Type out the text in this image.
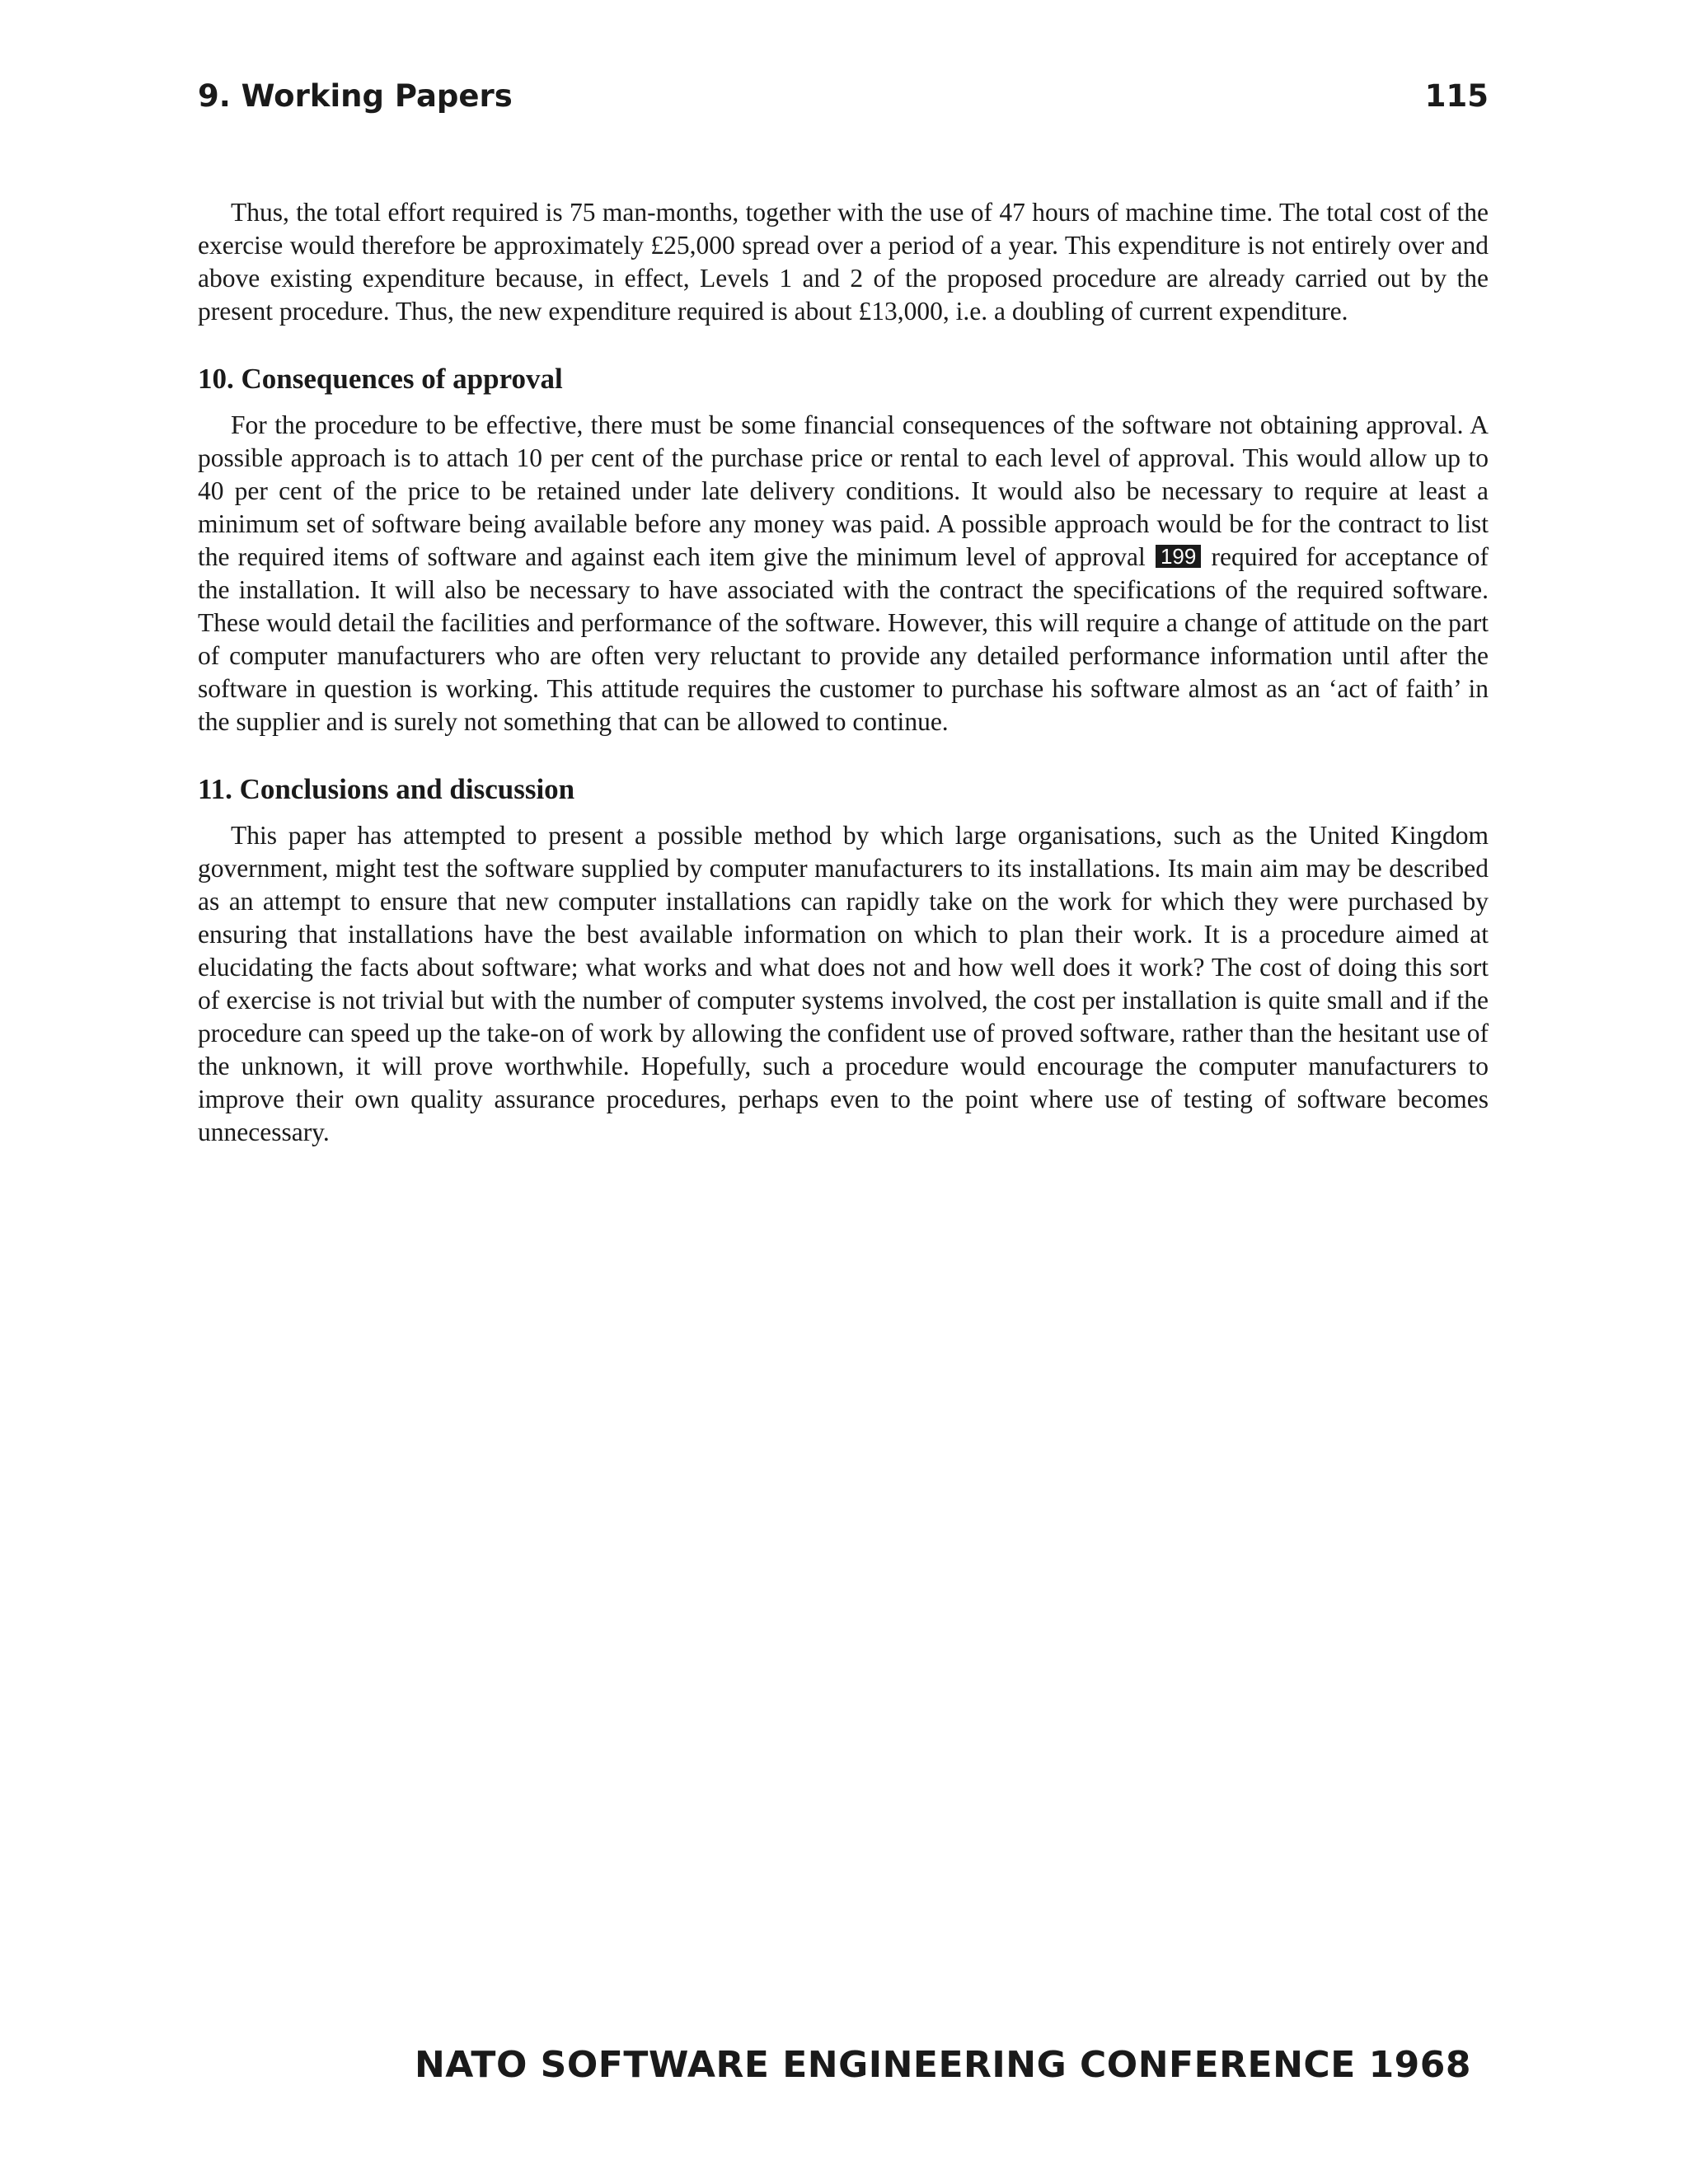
9. Working Papers	115

Thus, the total effort required is 75 man-months, together with the use of 47 hours of machine time. The total cost of the exercise would therefore be approximately £25,000 spread over a period of a year. This expenditure is not entirely over and above existing expenditure because, in effect, Levels 1 and 2 of the proposed procedure are already carried out by the present procedure. Thus, the new expenditure required is about £13,000, i.e. a doubling of current expenditure.

10. Consequences of approval

For the procedure to be effective, there must be some financial consequences of the software not obtaining approval. A possible approach is to attach 10 per cent of the purchase price or rental to each level of approval. This would allow up to 40 per cent of the price to be retained under late delivery conditions. It would also be necessary to require at least a minimum set of software being available before any money was paid. A possible approach would be for the contract to list the required items of software and against each item give the minimum level of approval 199 required for acceptance of the installation. It will also be necessary to have associated with the contract the specifications of the required software. These would detail the facilities and performance of the software. However, this will require a change of attitude on the part of computer manufacturers who are often very reluctant to provide any detailed performance information until after the software in question is working. This attitude requires the customer to purchase his software almost as an ‘act of faith’ in the supplier and is surely not something that can be allowed to continue.

11. Conclusions and discussion

This paper has attempted to present a possible method by which large organisations, such as the United Kingdom government, might test the software supplied by computer manufacturers to its installations. Its main aim may be described as an attempt to ensure that new computer installations can rapidly take on the work for which they were purchased by ensuring that installations have the best available information on which to plan their work. It is a procedure aimed at elucidating the facts about software; what works and what does not and how well does it work? The cost of doing this sort of exercise is not trivial but with the number of computer systems involved, the cost per installation is quite small and if the procedure can speed up the take-on of work by allowing the confident use of proved software, rather than the hesitant use of the unknown, it will prove worthwhile. Hopefully, such a procedure would encourage the computer manufacturers to improve their own quality assurance procedures, perhaps even to the point where use of testing of software becomes unnecessary.

NATO SOFTWARE ENGINEERING CONFERENCE 1968
